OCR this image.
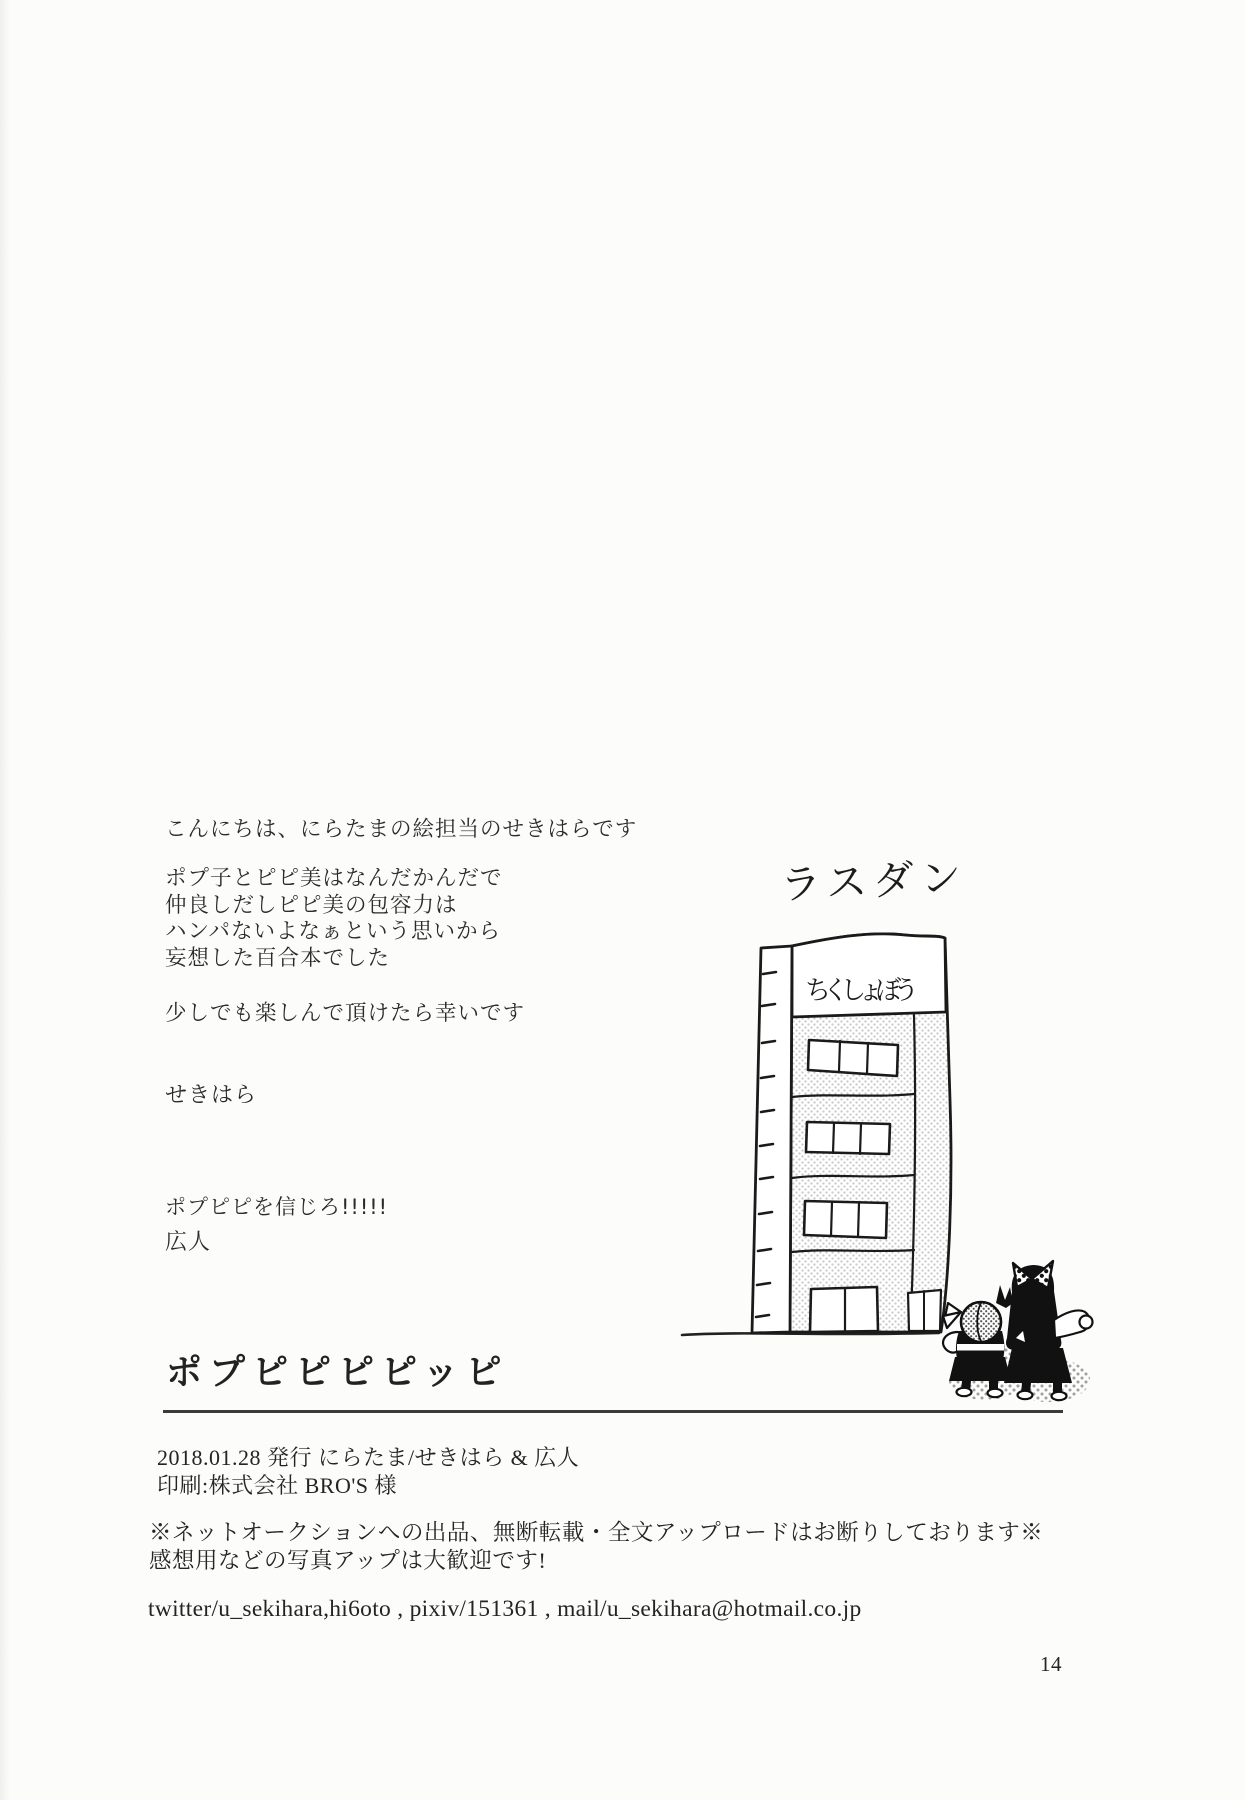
こんにちは、にらたまの絵担当のせきはらです
ポプ子とピピ美はなんだかんだで
仲良しだしピピ美の包容力は
ハンパないよなぁという思いから
妄想した百合本でした
少しでも楽しんで頂けたら幸いです
せきはら
ポプピピを信じろ!!!!!
広人
ラスダン
ちくしょぼう
ポプピピピピッピ
2018.01.28 発行 にらたま/せきはら & 広人
印刷:株式会社 BRO'S 様
※ネットオークションへの出品、無断転載・全文アップロードはお断りしております※
感想用などの写真アップは大歓迎です!
twitter/u_sekihara,hi6oto , pixiv/151361 , mail/u_sekihara@hotmail.co.jp
14
